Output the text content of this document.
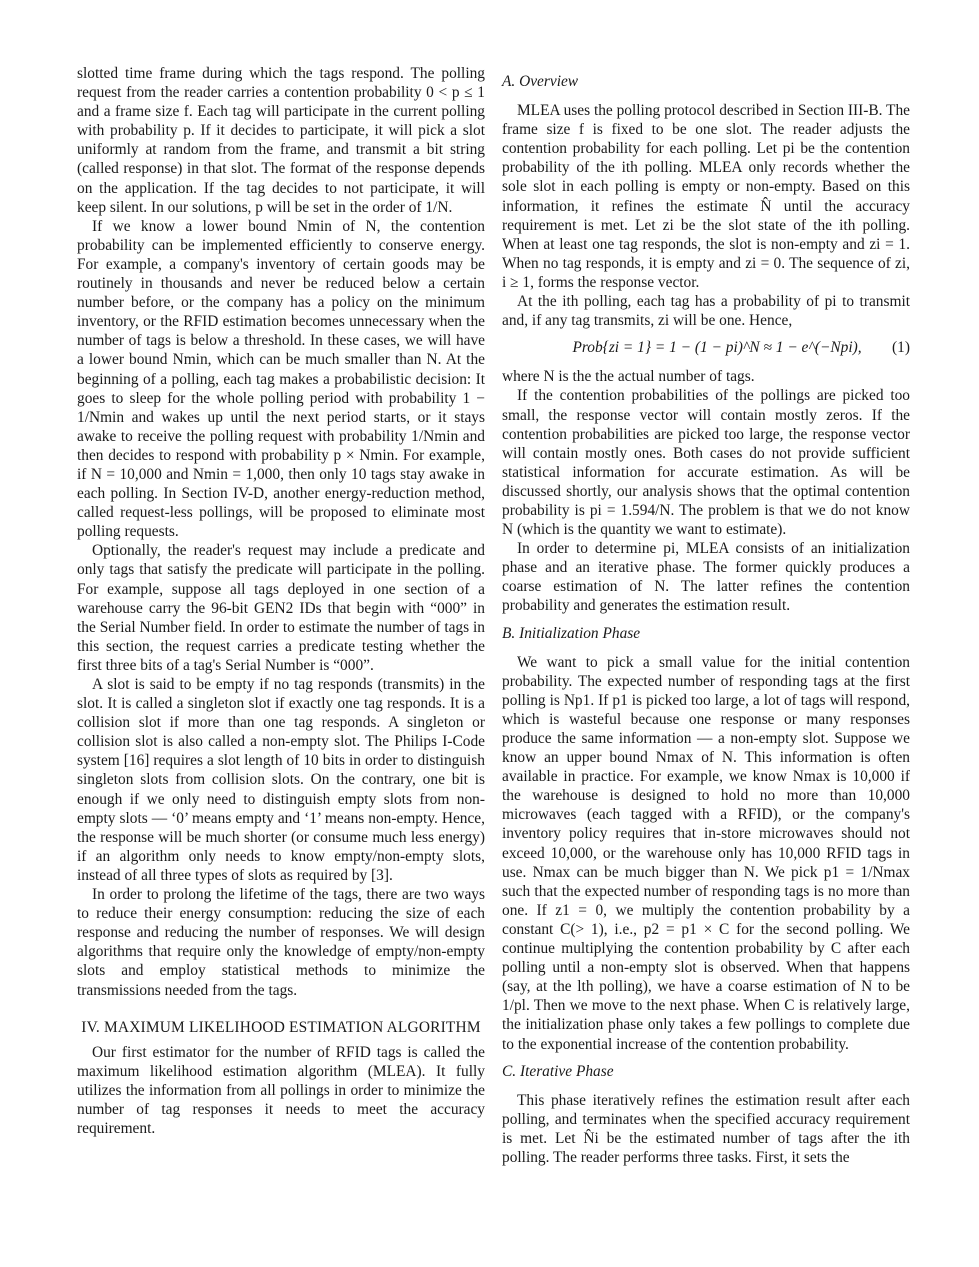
slotted time frame during which the tags respond. The polling request from the reader carries a contention probability 0 < p ≤ 1 and a frame size f. Each tag will participate in the current polling with probability p. If it decides to participate, it will pick a slot uniformly at random from the frame, and transmit a bit string (called response) in that slot. The format of the response depends on the application. If the tag decides to not participate, it will keep silent. In our solutions, p will be set in the order of 1/N.

If we know a lower bound Nmin of N, the contention probability can be implemented efficiently to conserve energy. For example, a company's inventory of certain goods may be routinely in thousands and never be reduced below a certain number before, or the company has a policy on the minimum inventory, or the RFID estimation becomes unnecessary when the number of tags is below a threshold. In these cases, we will have a lower bound Nmin, which can be much smaller than N. At the beginning of a polling, each tag makes a probabilistic decision: It goes to sleep for the whole polling period with probability 1 − 1/Nmin and wakes up until the next period starts, or it stays awake to receive the polling request with probability 1/Nmin and then decides to respond with probability p × Nmin. For example, if N = 10,000 and Nmin = 1,000, then only 10 tags stay awake in each polling. In Section IV-D, another energy-reduction method, called request-less pollings, will be proposed to eliminate most polling requests.

Optionally, the reader's request may include a predicate and only tags that satisfy the predicate will participate in the polling. For example, suppose all tags deployed in one section of a warehouse carry the 96-bit GEN2 IDs that begin with “000” in the Serial Number field. In order to estimate the number of tags in this section, the request carries a predicate testing whether the first three bits of a tag's Serial Number is “000”.

A slot is said to be empty if no tag responds (transmits) in the slot. It is called a singleton slot if exactly one tag responds. It is a collision slot if more than one tag responds. A singleton or collision slot is also called a non-empty slot. The Philips I-Code system [16] requires a slot length of 10 bits in order to distinguish singleton slots from collision slots. On the contrary, one bit is enough if we only need to distinguish empty slots from non-empty slots — ‘0’ means empty and ‘1’ means non-empty. Hence, the response will be much shorter (or consume much less energy) if an algorithm only needs to know empty/non-empty slots, instead of all three types of slots as required by [3].

In order to prolong the lifetime of the tags, there are two ways to reduce their energy consumption: reducing the size of each response and reducing the number of responses. We will design algorithms that require only the knowledge of empty/non-empty slots and employ statistical methods to minimize the transmissions needed from the tags.

IV. MAXIMUM LIKELIHOOD ESTIMATION ALGORITHM

Our first estimator for the number of RFID tags is called the maximum likelihood estimation algorithm (MLEA). It fully utilizes the information from all pollings in order to minimize the number of tag responses it needs to meet the accuracy requirement.

A. Overview

MLEA uses the polling protocol described in Section III-B. The frame size f is fixed to be one slot. The reader adjusts the contention probability for each polling. Let pi be the contention probability of the ith polling. MLEA only records whether the sole slot in each polling is empty or non-empty. Based on this information, it refines the estimate N̂ until the accuracy requirement is met. Let zi be the slot state of the ith polling. When at least one tag responds, the slot is non-empty and zi = 1. When no tag responds, it is empty and zi = 0. The sequence of zi, i ≥ 1, forms the response vector.

At the ith polling, each tag has a probability of pi to transmit and, if any tag transmits, zi will be one. Hence,

Prob{zi = 1} = 1 − (1 − pi)^N ≈ 1 − e^(−Npi),	(1)

where N is the the actual number of tags.

If the contention probabilities of the pollings are picked too small, the response vector will contain mostly zeros. If the contention probabilities are picked too large, the response vector will contain mostly ones. Both cases do not provide sufficient statistical information for accurate estimation. As will be discussed shortly, our analysis shows that the optimal contention probability is pi = 1.594/N. The problem is that we do not know N (which is the quantity we want to estimate).

In order to determine pi, MLEA consists of an initialization phase and an iterative phase. The former quickly produces a coarse estimation of N. The latter refines the contention probability and generates the estimation result.

B. Initialization Phase

We want to pick a small value for the initial contention probability. The expected number of responding tags at the first polling is Np1. If p1 is picked too large, a lot of tags will respond, which is wasteful because one response or many responses produce the same information — a non-empty slot. Suppose we know an upper bound Nmax of N. This information is often available in practice. For example, we know Nmax is 10,000 if the warehouse is designed to hold no more than 10,000 microwaves (each tagged with a RFID), or the company's inventory policy requires that in-store microwaves should not exceed 10,000, or the warehouse only has 10,000 RFID tags in use. Nmax can be much bigger than N. We pick p1 = 1/Nmax such that the expected number of responding tags is no more than one. If z1 = 0, we multiply the contention probability by a constant C(> 1), i.e., p2 = p1 × C for the second polling. We continue multiplying the contention probability by C after each polling until a non-empty slot is observed. When that happens (say, at the lth polling), we have a coarse estimation of N to be 1/pl. Then we move to the next phase. When C is relatively large, the initialization phase only takes a few pollings to complete due to the exponential increase of the contention probability.

C. Iterative Phase

This phase iteratively refines the estimation result after each polling, and terminates when the specified accuracy requirement is met. Let N̂i be the estimated number of tags after the ith polling. The reader performs three tasks. First, it sets the
